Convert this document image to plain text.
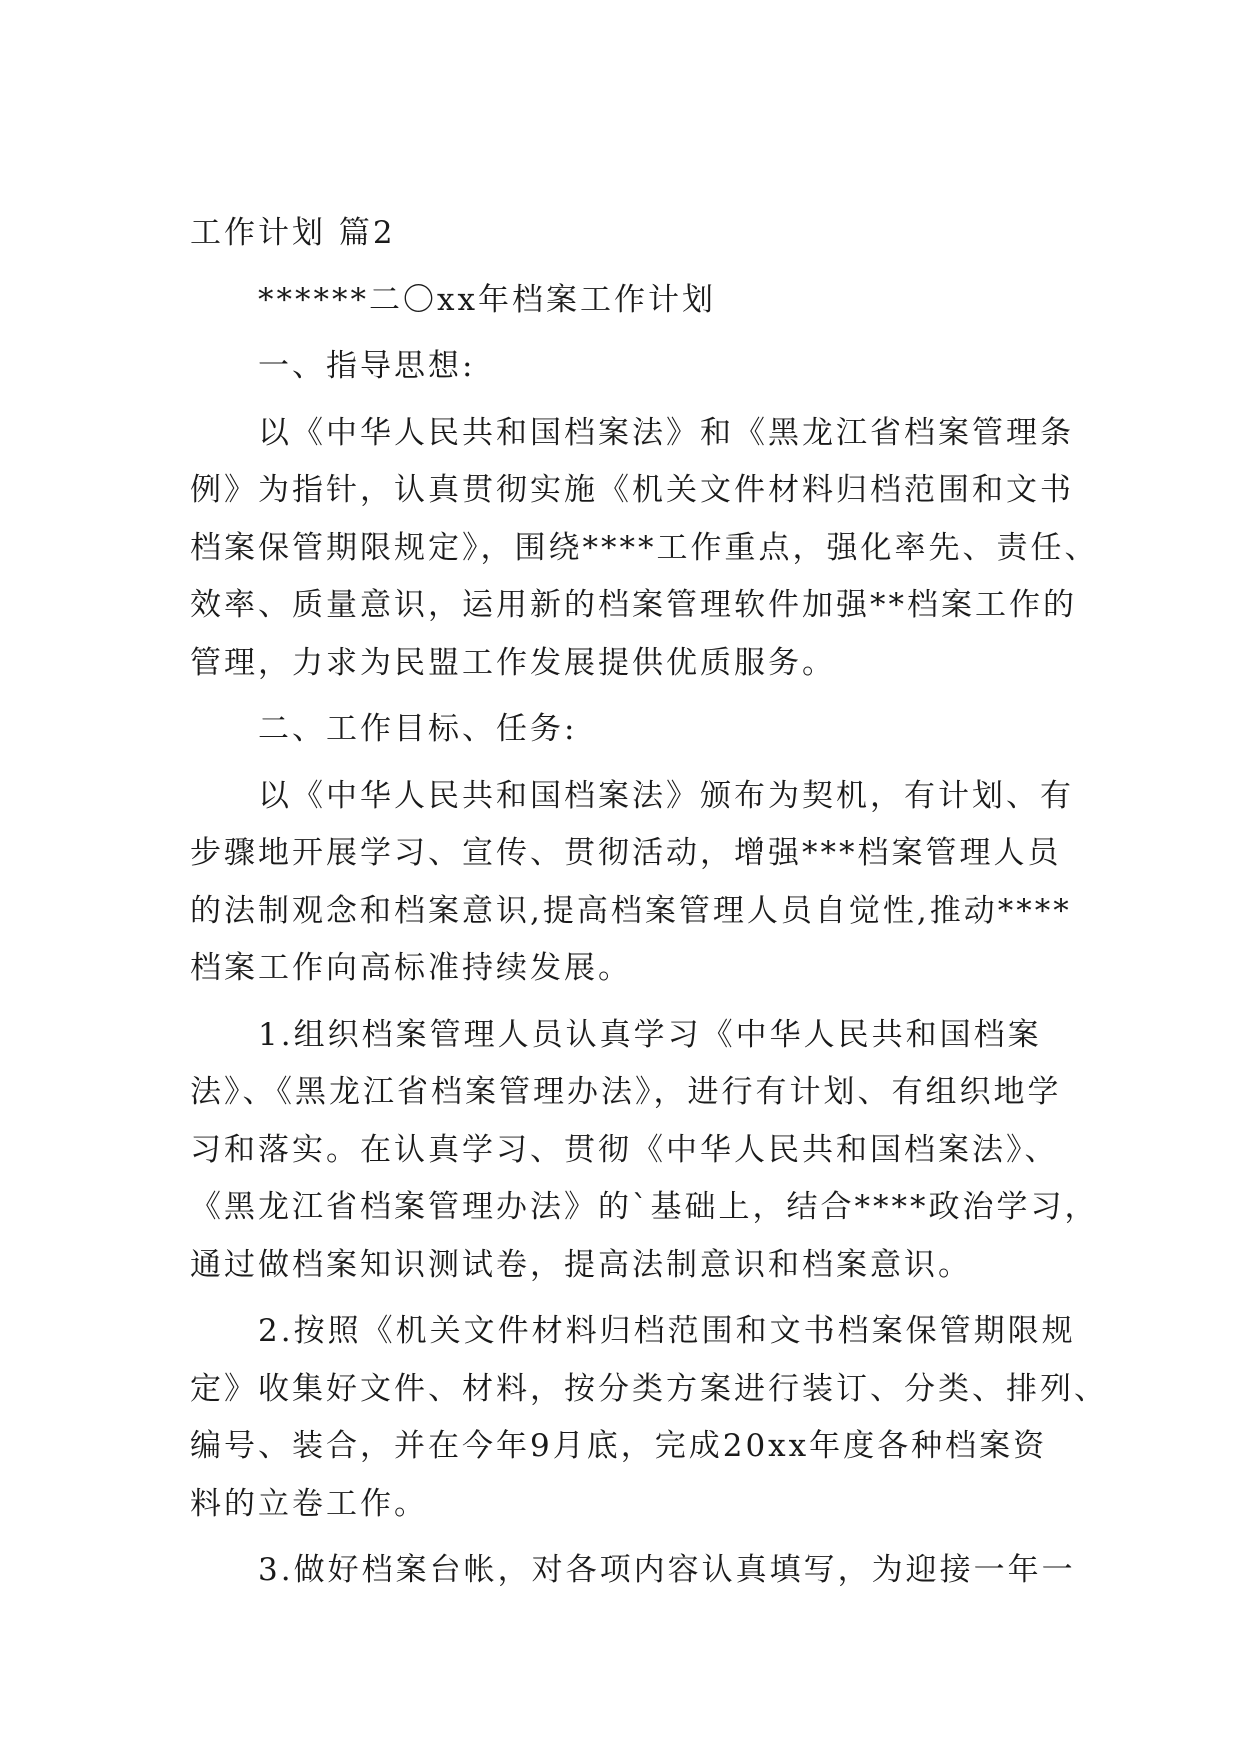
工作计划 篇2

******二〇xx年档案工作计划

一、指导思想:

以《中华人民共和国档案法》和《黑龙江省档案管理条

例》为指针，认真贯彻实施《机关文件材料归档范围和文书

档案保管期限规定》，围绕****工作重点，强化率先、责任、

效率、质量意识，运用新的档案管理软件加强**档案工作的

管理，力求为民盟工作发展提供优质服务。

二、工作目标、任务:

以《中华人民共和国档案法》颁布为契机，有计划、有

步骤地开展学习、宣传、贯彻活动，增强***档案管理人员

的法制观念和档案意识,提高档案管理人员自觉性,推动****

档案工作向高标准持续发展。

1.组织档案管理人员认真学习《中华人民共和国档案

法》、《黑龙江省档案管理办法》，进行有计划、有组织地学

习和落实。在认真学习、贯彻《中华人民共和国档案法》、

《黑龙江省档案管理办法》的`基础上，结合****政治学习，

通过做档案知识测试卷，提高法制意识和档案意识。

2.按照《机关文件材料归档范围和文书档案保管期限规

定》收集好文件、材料，按分类方案进行装订、分类、排列、

编号、装合，并在今年9月底，完成20xx年度各种档案资

料的立卷工作。

3.做好档案台帐，对各项内容认真填写，为迎接一年一
